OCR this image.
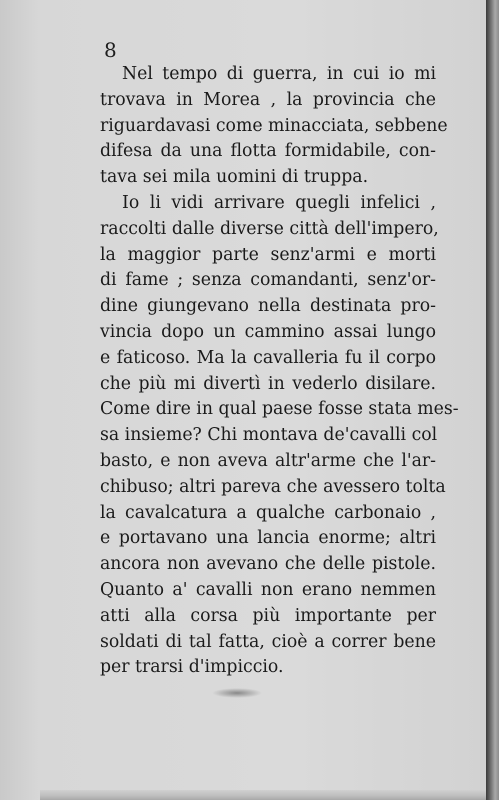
8
Nel tempo di guerra, in cui io mi
trovava in Morea , la provincia che
riguardavasi come minacciata, sebbene
difesa da una flotta formidabile, con-
tava sei mila uomini di truppa.
Io li vidi arrivare quegli infelici ,
raccolti dalle diverse città dell'impero,
la maggior parte senz'armi e morti
di fame ; senza comandanti, senz'or-
dine giungevano nella destinata pro-
vincia dopo un cammino assai lungo
e faticoso. Ma la cavalleria fu il corpo
che più mi divertì in vederlo disilare.
Come dire in qual paese fosse stata mes-
sa insieme? Chi montava de'cavalli col
basto, e non aveva altr'arme che l'ar-
chibuso; altri pareva che avessero tolta
la cavalcatura a qualche carbonaio ,
e portavano una lancia enorme; altri
ancora non avevano che delle pistole.
Quanto a' cavalli non erano nemmen
atti alla corsa più importante per
soldati di tal fatta, cioè a correr bene
per trarsi d'impiccio.
